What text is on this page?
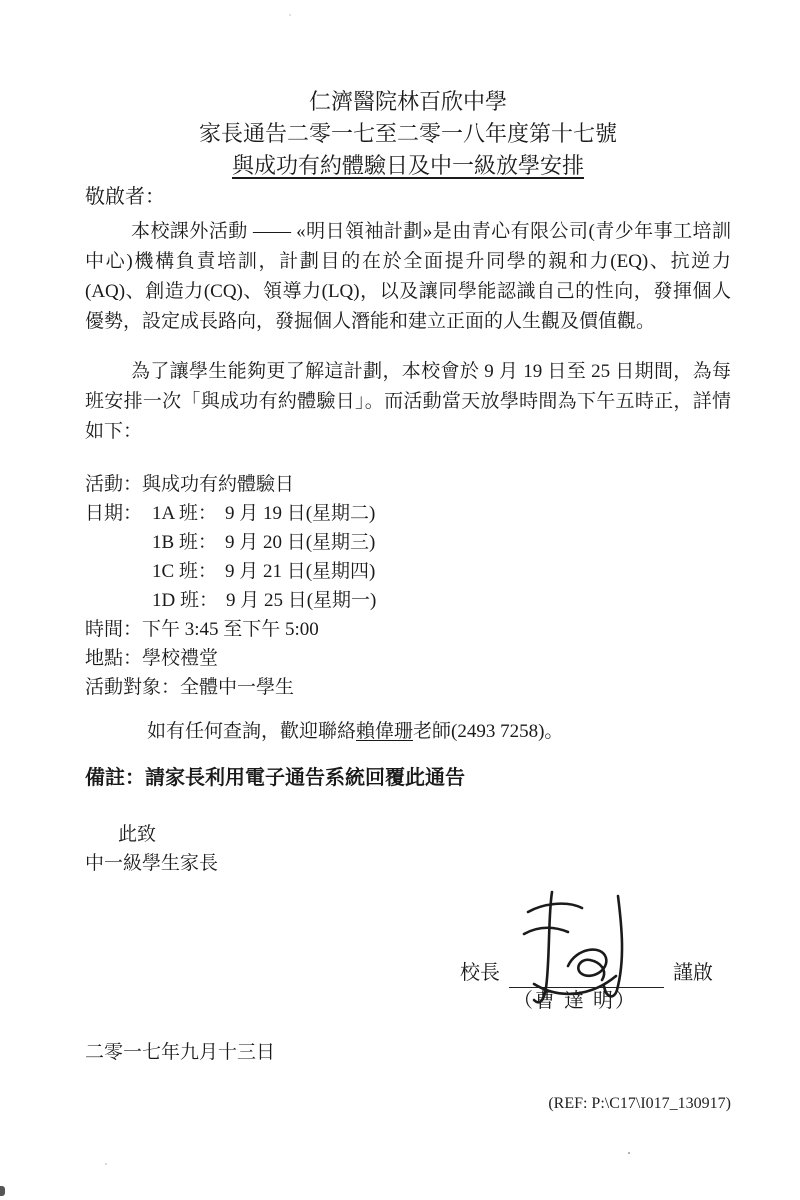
仁濟醫院林百欣中學
家長通告二零一七至二零一八年度第十七號
與成功有約體驗日及中一級放學安排
敬啟者：
本校課外活動 —— «明日領袖計劃»是由青心有限公司(青少年事工培訓中心)機構負責培訓，計劃目的在於全面提升同學的親和力(EQ)、抗逆力(AQ)、創造力(CQ)、領導力(LQ)，以及讓同學能認識自己的性向，發揮個人優勢，設定成長路向，發掘個人潛能和建立正面的人生觀及價值觀。
為了讓學生能夠更了解這計劃，本校會於 9 月 19 日至 25 日期間，為每班安排一次「與成功有約體驗日」。而活動當天放學時間為下午五時正，詳情如下：
活動：與成功有約體驗日
日期： 1A 班： 9 月 19 日(星期二)
1B 班： 9 月 20 日(星期三)
1C 班： 9 月 21 日(星期四)
1D 班： 9 月 25 日(星期一)
時間：下午 3:45 至下午 5:00
地點：學校禮堂
活動對象：全體中一學生
如有任何查詢，歡迎聯絡賴偉珊老師(2493 7258)。
備註：請家長利用電子通告系統回覆此通告
此致
中一級學生家長
校長	謹啟
（曹 達 明）
二零一七年九月十三日
(REF: P:\C17\I017_130917)
